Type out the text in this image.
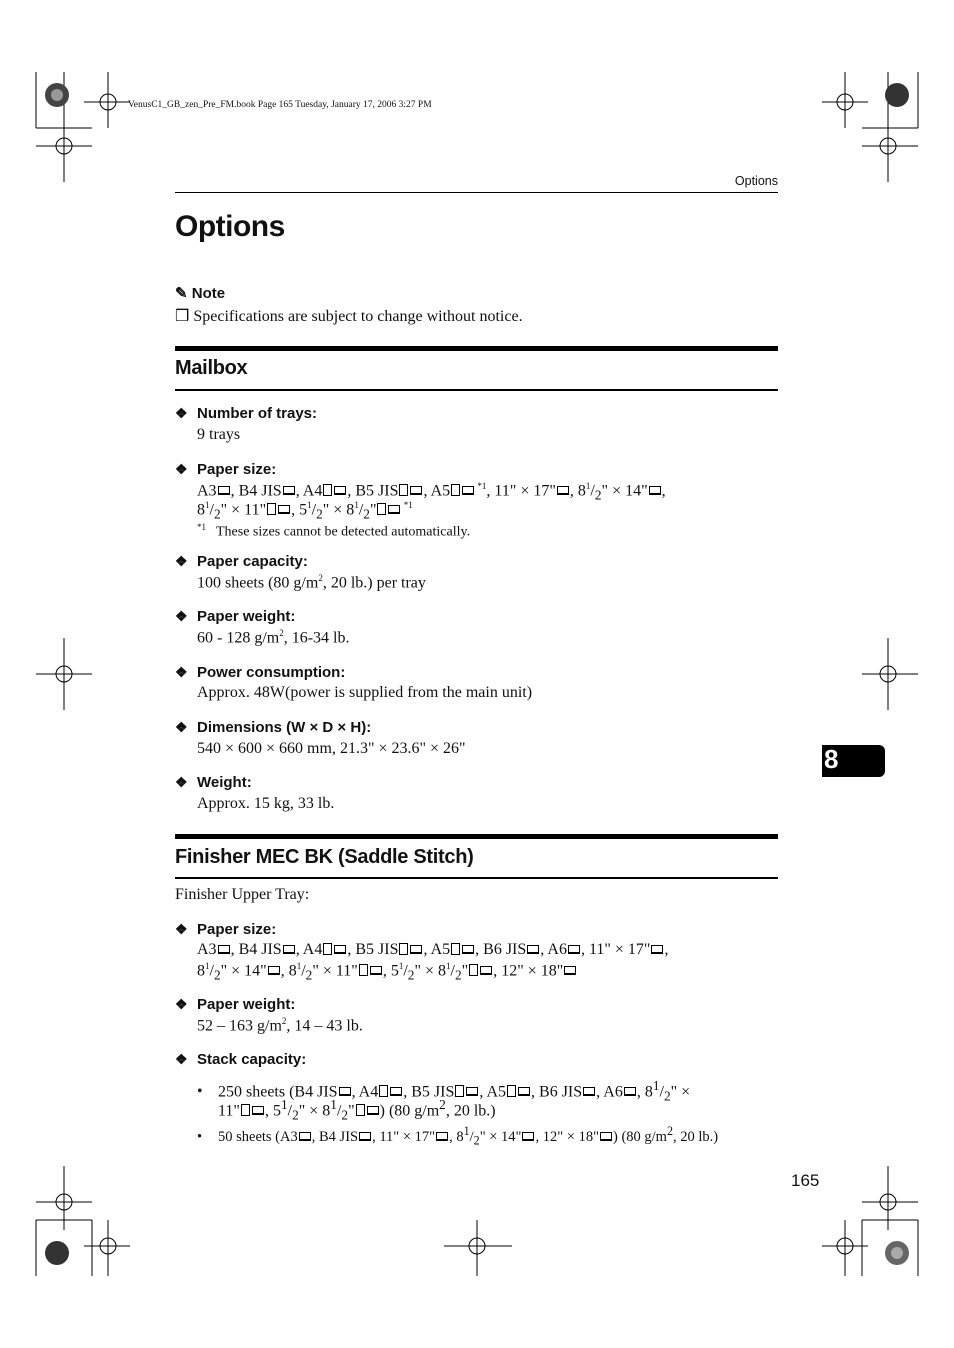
VenusC1_GB_zen_Pre_FM.book Page 165 Tuesday, January 17, 2006 3:27 PM
Options
Options
✎ Note
❒ Specifications are subject to change without notice.
Mailbox
❖ Number of trays:
9 trays
❖ Paper size:
A3 , B4 JIS , A4 , B5 JIS , A5	$^{*1}$, 11" × 17" , $8^1/_2$" × 14" ,
$8^1/_2$" × 11" , $5^1/_2$" × $8^1/_2$"	$^{*1}$
$^{*1}$ These sizes cannot be detected automatically.
❖ Paper capacity:
100 sheets (80 $g/m^2$, 20 lb.) per tray
❖ Paper weight:
60 - 128 $g/m^2$, 16-34 lb.
❖ Power consumption:
Approx. 48W(power is supplied from the main unit)
❖ Dimensions (W × D × H):
540 × 600 × 660 mm, 21.3" × 23.6" × 26"
❖ Weight:
Approx. 15 kg, 33 lb.
Finisher MEC BK (Saddle Stitch)
Finisher Upper Tray:
❖ Paper size:
A3 , B4 JIS , A4 , B5 JIS , A5 , B6 JIS , A6 , 11" × 17" ,
$8^1/_2$" × 14" , $8^1/_2$" × 11" , $5^1/_2$" × $8^1/_2$" , 12" × 18"
❖ Paper weight:
52 – 163 $g/m^2$, 14 – 43 lb.
❖ Stack capacity:
• 250 sheets (B4 JIS , A4 , B5 JIS , A5 , B6 JIS , A6 , $8^1/_2$" ×
11" , $5^1/_2$" × $8^1/_2$" ) (80 $g/m^2$, 20 lb.)
• 50 sheets (A3 , B4 JIS , 11" × 17" , $8^1/_2$" × 14" , 12" × 18" ) (80 $g/m^2$, 20 lb.)
8
165
